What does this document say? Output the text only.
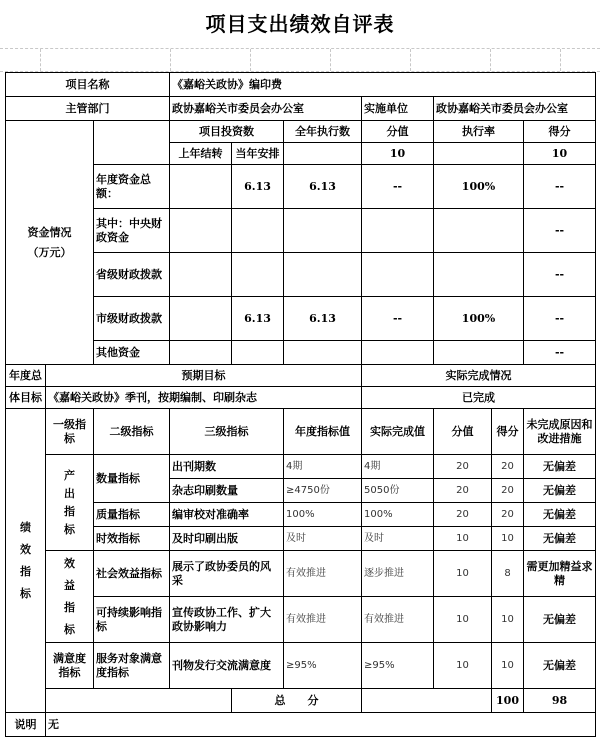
项目支出绩效自评表
项目名称			《嘉峪关政协》编印费							
主管部门			政协嘉峪关市委员会办公室			实施单位	政协嘉峪关市委员会办公室			

资金情况
（万元）			项目投资数		全年执行数	分值	执行率		得分	
			上年结转	当年安排		10			10	
		年度资金总额：		6.13	6.13	--	100%		--	
		其中：中央财政资金							--	
		省级财政拨款							--	
		市级财政拨款		6.13	6.13	--	100%		--	
		其他资金							--	
年度总	预期目标					实际完成情况				
体目标	《嘉峪关政协》季刊，按期编制、印刷杂志					已完成				

绩
效
指
标	一级指标	二级指标	三级指标		年度指标值	实际完成值	分值	得分	未完成原因和改进措施	

	产
出
指
标	数量指标	出刊期数		4期	4期	20	20	无偏差	
			杂志印刷数量		≥4750份	5050份	20	20	无偏差	
		质量指标	编审校对准确率		100%	100%	20	20	无偏差	
		时效指标	及时印刷出版		及时	及时	10	10	无偏差	

	效
益
指
标	社会效益指标	展示了政协委员的风采		有效推进	逐步推进	10	8	需更加精益求精	
		可持续影响指标	宣传政协工作、扩大政协影响力		有效推进	有效推进	10	10	无偏差	
	满意度指标	服务对象满意度指标	刊物发行交流满意度		≥95%	≥95%	10	10	无偏差	
				总　　分				100	98	
说明	无									
